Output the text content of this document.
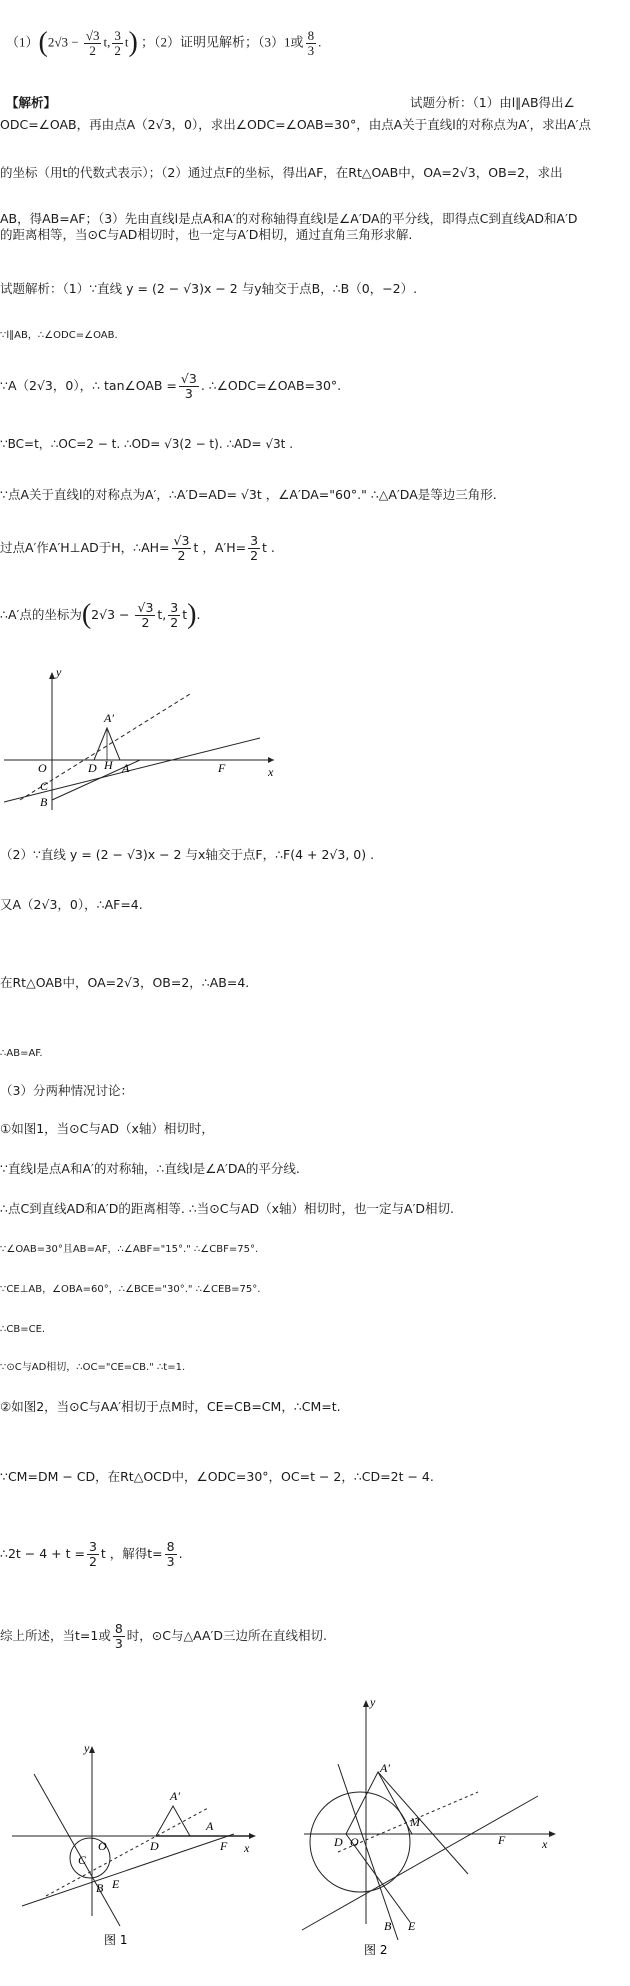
$(1)(2√3 - \frac{√3}{2} t$, $\frac{3}{2} t$) ；（2）证明见解析；（3）1或 $\frac{8}{3}$ .
【解析】	试题分析：（1）由l∥AB得出∠
ODC=∠OAB，再由点A（2√3，0），求出∠ODC=∠OAB=30°，由点A关于直线l的对称点为A′，求出A′点
的坐标（用t的代数式表示）；（2）通过点F的坐标，得出AF，在Rt△OAB中，OA=2√3，OB=2，求出
AB，得AB=AF；（3）先由直线l是点A和A′的对称轴得直线l是∠A′DA的平分线，即得点C到直线AD和A′D
的距离相等，当⊙C与AD相切时，也一定与A′D相切，通过直角三角形求解.
试题解析：（1）∵直线 y = (2 − √3)x − 2 与y轴交于点B，∴B（0，−2）.
∵l∥AB，∴∠ODC=∠OAB.
∵A（2√3，0），∴ tan∠OAB = $\frac{√3}{3}$ . ∴∠ODC=∠OAB=30°.
∵BC=t，∴OC=2 − t. ∴OD= √3(2 − t). ∴AD= √3t .
∵点A关于直线l的对称点为A′，∴A′D=AD= √3t ，∠A′DA="60°." ∴△A′DA是等边三角形.
过点A′作A′H⊥AD于H，∴AH= $\frac{√3}{2}$ t ，$A'H= \frac{3}{2}$ t .
∴A′点的坐标为($2√3 - \frac{√3}{2} t$, $\frac{3}{2} t$).
y
x
O
C
B
D H A
A′
F
（2）∵直线 y = (2 − √3)x − 2 与x轴交于点F，∴F(4 + 2√3, 0) .
又A（2√3，0），∴AF=4.
在Rt△OAB中，OA=2√3，OB=2，∴AB=4.
∴AB=AF.
（3）分两种情况讨论：
①如图1，当⊙C与AD（x轴）相切时，
∵直线l是点A和A′的对称轴，∴直线l是∠A′DA的平分线.
∴点C到直线AD和A′D的距离相等. ∴当⊙C与AD（x轴）相切时，也一定与A′D相切.
∵∠OAB=30°且AB=AF，∴∠ABF="15°." ∴∠CBF=75°.
∵CE⊥AB，∠OBA=60°，∴∠BCE="30°." ∴∠CEB=75°.
∴CB=CE.
∵⊙C与AD相切，∴OC="CE=CB." ∴t=1.
②如图2，当⊙C与AA′相切于点M时，CE=CB=CM，∴CM=t.
∵CM=DM − CD，在Rt△OCD中，∠ODC=30°，OC=t − 2，∴CD=2t − 4.
∴2t − $4 + t = \frac{3}{2}$ t ，解得$t= \frac{8}{3}$ .
综上所述，当t=1或 $\frac{8}{3}$ 时，⊙C与△AA′D三边所在直线相切.
y
x
O
C
B E
D
A
A′
F
图 1
y
x
D O
A′
M
F
B E
图 2
